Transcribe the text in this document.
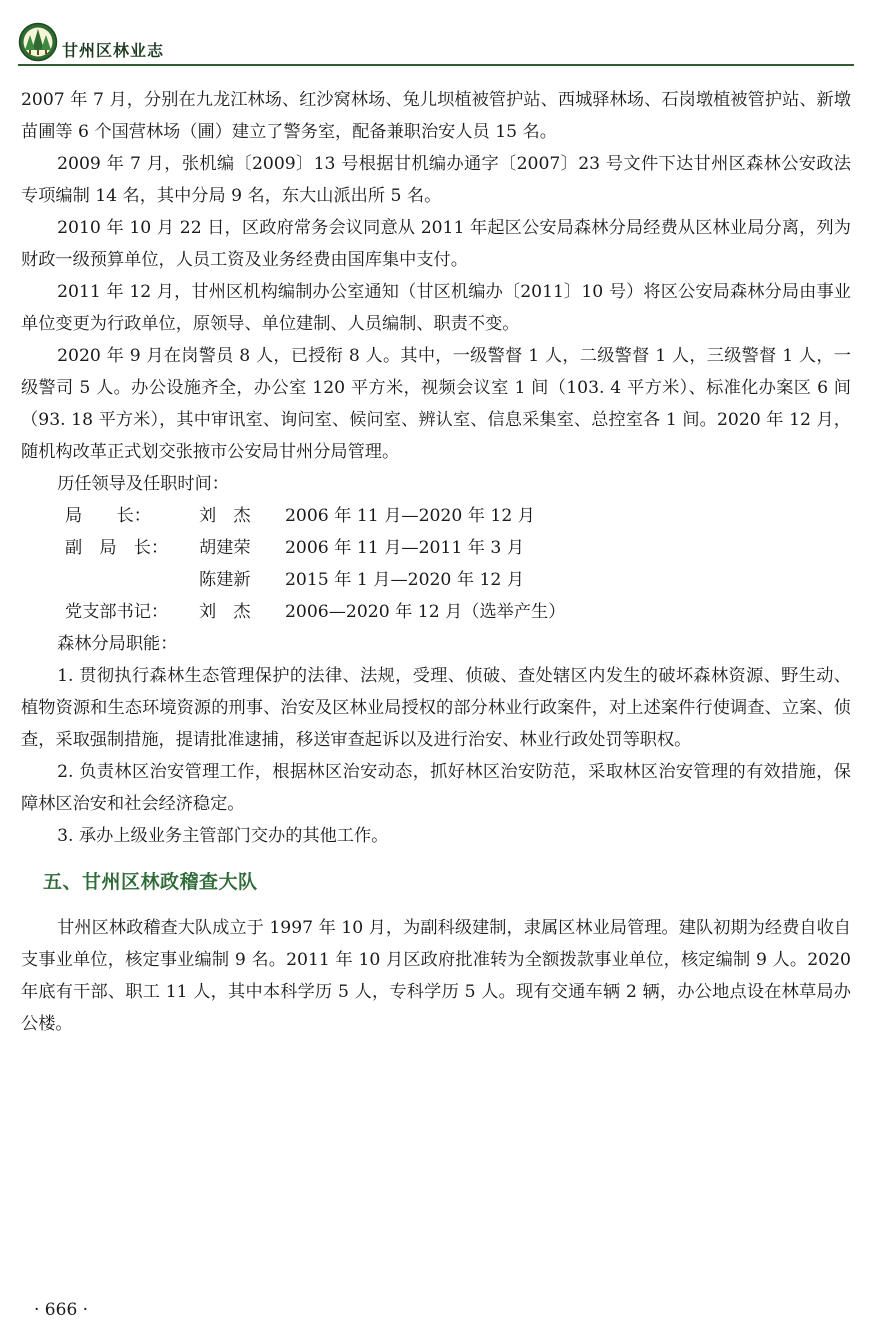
甘州区林业志

2007 年 7 月，分别在九龙江林场、红沙窝林场、兔儿坝植被管护站、西城驿林场、石岗墩植被管护站、新墩苗圃等 6 个国营林场（圃）建立了警务室，配备兼职治安人员 15 名。

2009 年 7 月，张机编〔2009〕13 号根据甘机编办通字〔2007〕23 号文件下达甘州区森林公安政法专项编制 14 名，其中分局 9 名，东大山派出所 5 名。

2010 年 10 月 22 日，区政府常务会议同意从 2011 年起区公安局森林分局经费从区林业局分离，列为财政一级预算单位，人员工资及业务经费由国库集中支付。

2011 年 12 月，甘州区机构编制办公室通知（甘区机编办〔2011〕10 号）将区公安局森林分局由事业单位变更为行政单位，原领导、单位建制、人员编制、职责不变。

2020 年 9 月在岗警员 8 人，已授衔 8 人。其中，一级警督 1 人，二级警督 1 人，三级警督 1 人，一级警司 5 人。办公设施齐全，办公室 120 平方米，视频会议室 1 间（103. 4 平方米）、标准化办案区 6 间（93. 18 平方米），其中审讯室、询问室、候问室、辨认室、信息采集室、总控室各 1 间。2020 年 12 月，随机构改革正式划交张掖市公安局甘州分局管理。

历任领导及任职时间：

局　　长：	刘　杰	2006 年 11 月—2020 年 12 月
副　局　长：	胡建荣	2006 年 11 月—2011 年 3 月
	陈建新	2015 年 1 月—2020 年 12 月
党支部书记：	刘　杰	2006—2020 年 12 月（选举产生）

森林分局职能：

1. 贯彻执行森林生态管理保护的法律、法规，受理、侦破、查处辖区内发生的破坏森林资源、野生动、植物资源和生态环境资源的刑事、治安及区林业局授权的部分林业行政案件，对上述案件行使调查、立案、侦查，采取强制措施，提请批准逮捕，移送审查起诉以及进行治安、林业行政处罚等职权。

2. 负责林区治安管理工作，根据林区治安动态，抓好林区治安防范，采取林区治安管理的有效措施，保障林区治安和社会经济稳定。

3. 承办上级业务主管部门交办的其他工作。

五、甘州区林政稽查大队

甘州区林政稽查大队成立于 1997 年 10 月，为副科级建制，隶属区林业局管理。建队初期为经费自收自支事业单位，核定事业编制 9 名。2011 年 10 月区政府批准转为全额拨款事业单位，核定编制 9 人。2020 年底有干部、职工 11 人，其中本科学历 5 人，专科学历 5 人。现有交通车辆 2 辆，办公地点设在林草局办公楼。

· 666 ·
